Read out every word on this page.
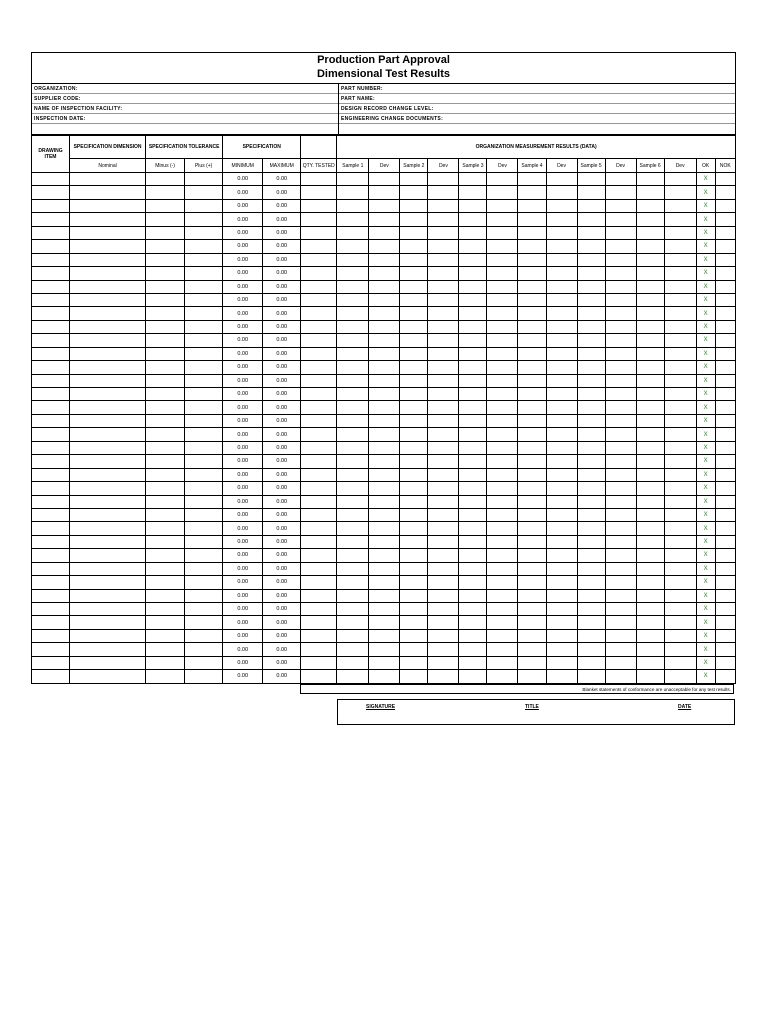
Production Part Approval
Dimensional Test Results
ORGANIZATION:
SUPPLIER CODE:
NAME OF INSPECTION FACILITY:
INSPECTION DATE:
PART NUMBER:
PART NAME:
DESIGN RECORD CHANGE LEVEL:
ENGINEERING CHANGE DOCUMENTS:
DRAWING ITEM	SPECIFICATION DIMENSION	SPECIFICATION TOLERANCE		SPECIFICATION			ORGANIZATION MEASUREMENT RESULTS (DATA)													
	Nominal	Minus (-)	Plus (+)	MINIMUM	MAXIMUM	QTY. TESTED	Sample 1	Dev	Sample 2	Dev	Sample 3	Dev	Sample 4	Dev	Sample 5	Dev	Sample 6	Dev	OK	NOK
				0.00	0.00														X	
				0.00	0.00														X	
				0.00	0.00														X	
				0.00	0.00														X	
				0.00	0.00														X	
				0.00	0.00														X	
				0.00	0.00														X	
				0.00	0.00														X	
				0.00	0.00														X	
				0.00	0.00														X	
				0.00	0.00														X	
				0.00	0.00														X	
				0.00	0.00														X	
				0.00	0.00														X	
				0.00	0.00														X	
				0.00	0.00														X	
				0.00	0.00														X	
				0.00	0.00														X	
				0.00	0.00														X	
				0.00	0.00														X	
				0.00	0.00														X	
				0.00	0.00														X	
				0.00	0.00														X	
				0.00	0.00														X	
				0.00	0.00														X	
				0.00	0.00														X	
				0.00	0.00														X	
				0.00	0.00														X	
				0.00	0.00														X	
				0.00	0.00														X	
				0.00	0.00														X	
				0.00	0.00														X	
				0.00	0.00														X	
				0.00	0.00														X	
				0.00	0.00														X	
				0.00	0.00														X	
				0.00	0.00														X	
				0.00	0.00														X	
Blanket statements of conformance are unacceptable for any test results.
SIGNATURE	TITLE	DATE
